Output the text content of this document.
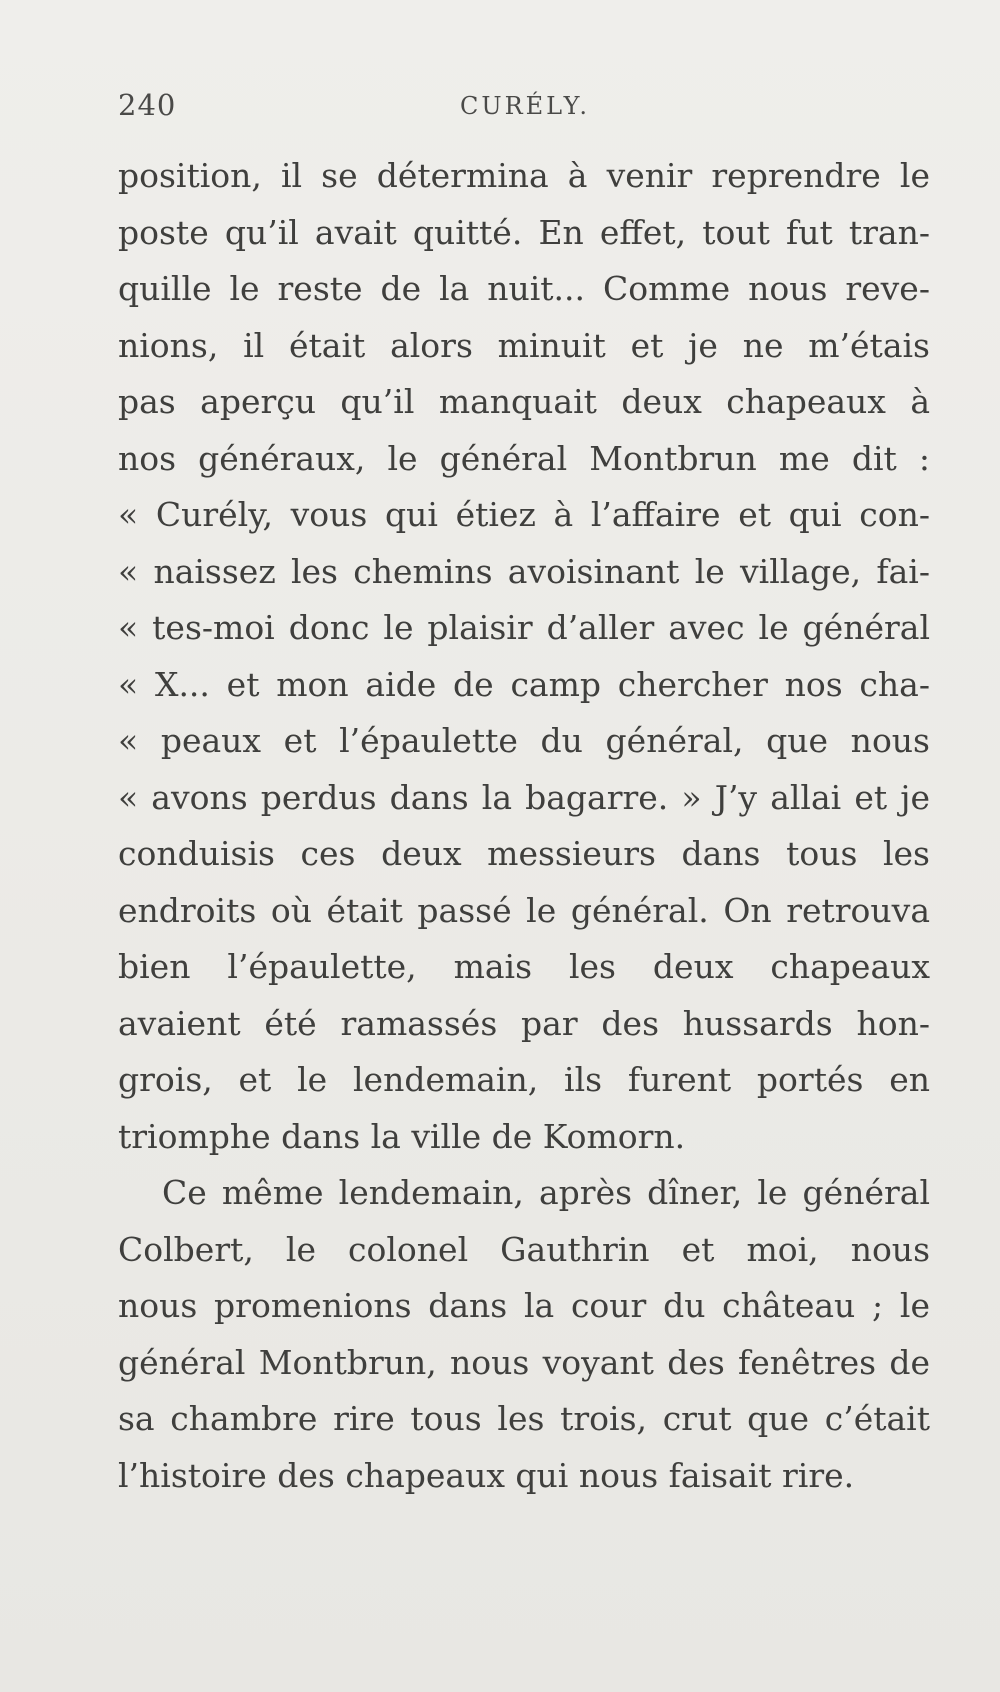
240	CURÉLY.
position, il se détermina à venir reprendre le
poste qu’il avait quitté. En effet, tout fut tran-
quille le reste de la nuit... Comme nous reve-
nions, il était alors minuit et je ne m’étais
pas aperçu qu’il manquait deux chapeaux à
nos généraux, le général Montbrun me dit :
« Curély, vous qui étiez à l’affaire et qui con-
« naissez les chemins avoisinant le village, fai-
« tes-moi donc le plaisir d’aller avec le général
« X... et mon aide de camp chercher nos cha-
« peaux et l’épaulette du général, que nous
« avons perdus dans la bagarre. » J’y allai et je
conduisis ces deux messieurs dans tous les
endroits où était passé le général. On retrouva
bien l’épaulette, mais les deux chapeaux
avaient été ramassés par des hussards hon-
grois, et le lendemain, ils furent portés en
triomphe dans la ville de Komorn.
Ce même lendemain, après dîner, le général
Colbert, le colonel Gauthrin et moi, nous
nous promenions dans la cour du château ; le
général Montbrun, nous voyant des fenêtres de
sa chambre rire tous les trois, crut que c’était
l’histoire des chapeaux qui nous faisait rire.
